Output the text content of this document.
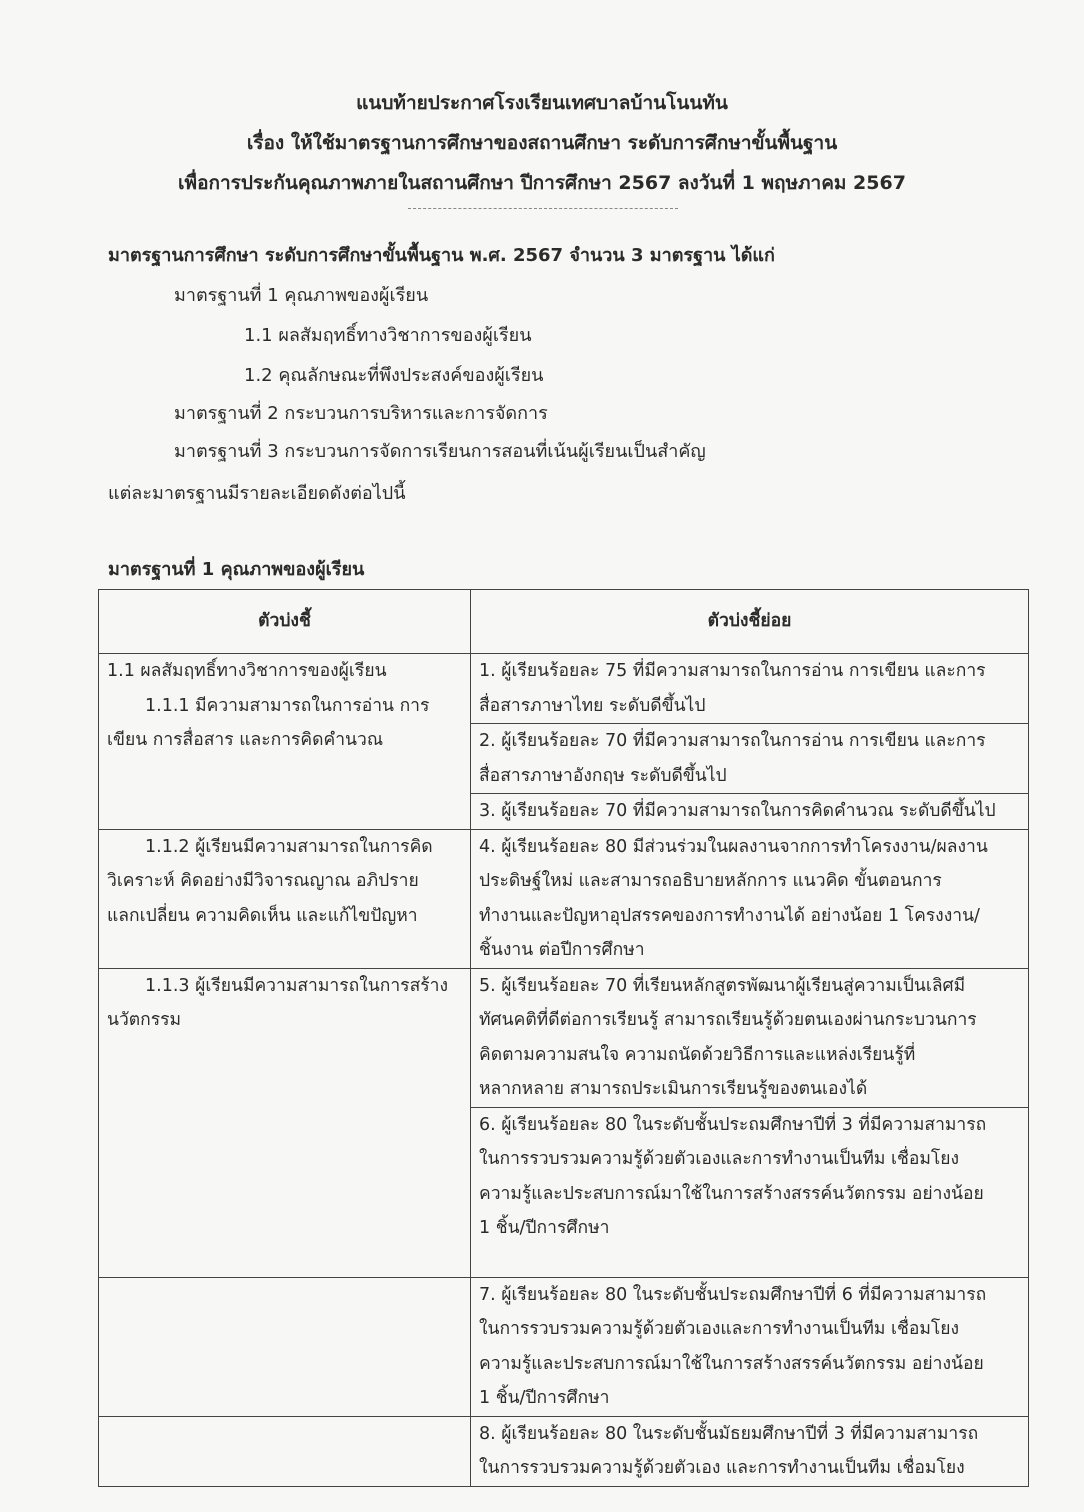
แนบท้ายประกาศโรงเรียนเทศบาลบ้านโนนทัน
เรื่อง ให้ใช้มาตรฐานการศึกษาของสถานศึกษา ระดับการศึกษาขั้นพื้นฐาน
เพื่อการประกันคุณภาพภายในสถานศึกษา ปีการศึกษา 2567 ลงวันที่ 1 พฤษภาคม 2567
มาตรฐานการศึกษา ระดับการศึกษาขั้นพื้นฐาน พ.ศ. 2567 จำนวน 3 มาตรฐาน ได้แก่
มาตรฐานที่ 1 คุณภาพของผู้เรียน
1.1 ผลสัมฤทธิ์ทางวิชาการของผู้เรียน
1.2 คุณลักษณะที่พึงประสงค์ของผู้เรียน
มาตรฐานที่ 2 กระบวนการบริหารและการจัดการ
มาตรฐานที่ 3 กระบวนการจัดการเรียนการสอนที่เน้นผู้เรียนเป็นสำคัญ
แต่ละมาตรฐานมีรายละเอียดดังต่อไปนี้
มาตรฐานที่ 1 คุณภาพของผู้เรียน
ตัวบ่งชี้	ตัวบ่งชี้ย่อย

1.1 ผลสัมฤทธิ์ทางวิชาการของผู้เรียน
1.1.1 มีความสามารถในการอ่าน การ
เขียน การสื่อสาร และการคิดคำนวณ	1. ผู้เรียนร้อยละ 75 ที่มีความสามารถในการอ่าน การเขียน และการ
สื่อสารภาษาไทย ระดับดีขึ้นไป

	2. ผู้เรียนร้อยละ 70 ที่มีความสามารถในการอ่าน การเขียน และการ
สื่อสารภาษาอังกฤษ ระดับดีขึ้นไป

	3. ผู้เรียนร้อยละ 70 ที่มีความสามารถในการคิดคำนวณ ระดับดีขึ้นไป

1.1.2 ผู้เรียนมีความสามารถในการคิด
วิเคราะห์ คิดอย่างมีวิจารณญาณ อภิปราย
แลกเปลี่ยน ความคิดเห็น และแก้ไขปัญหา	4. ผู้เรียนร้อยละ 80 มีส่วนร่วมในผลงานจากการทำโครงงาน/ผลงาน
ประดิษฐ์ใหม่ และสามารถอธิบายหลักการ แนวคิด ขั้นตอนการ
ทำงานและปัญหาอุปสรรคของการทำงานได้ อย่างน้อย 1 โครงงาน/
ชิ้นงาน ต่อปีการศึกษา

1.1.3 ผู้เรียนมีความสามารถในการสร้าง
นวัตกรรม	5. ผู้เรียนร้อยละ 70 ที่เรียนหลักสูตรพัฒนาผู้เรียนสู่ความเป็นเลิศมี
ทัศนคติที่ดีต่อการเรียนรู้ สามารถเรียนรู้ด้วยตนเองผ่านกระบวนการ
คิดตามความสนใจ ความถนัดด้วยวิธีการและแหล่งเรียนรู้ที่
หลากหลาย สามารถประเมินการเรียนรู้ของตนเองได้

	6. ผู้เรียนร้อยละ 80 ในระดับชั้นประถมศึกษาปีที่ 3 ที่มีความสามารถ
ในการรวบรวมความรู้ด้วยตัวเองและการทำงานเป็นทีม เชื่อมโยง
ความรู้และประสบการณ์มาใช้ในการสร้างสรรค์นวัตกรรม อย่างน้อย
1 ชิ้น/ปีการศึกษา

	7. ผู้เรียนร้อยละ 80 ในระดับชั้นประถมศึกษาปีที่ 6 ที่มีความสามารถ
ในการรวบรวมความรู้ด้วยตัวเองและการทำงานเป็นทีม เชื่อมโยง
ความรู้และประสบการณ์มาใช้ในการสร้างสรรค์นวัตกรรม อย่างน้อย
1 ชิ้น/ปีการศึกษา

	8. ผู้เรียนร้อยละ 80 ในระดับชั้นมัธยมศึกษาปีที่ 3 ที่มีความสามารถ
ในการรวบรวมความรู้ด้วยตัวเอง และการทำงานเป็นทีม เชื่อมโยง
